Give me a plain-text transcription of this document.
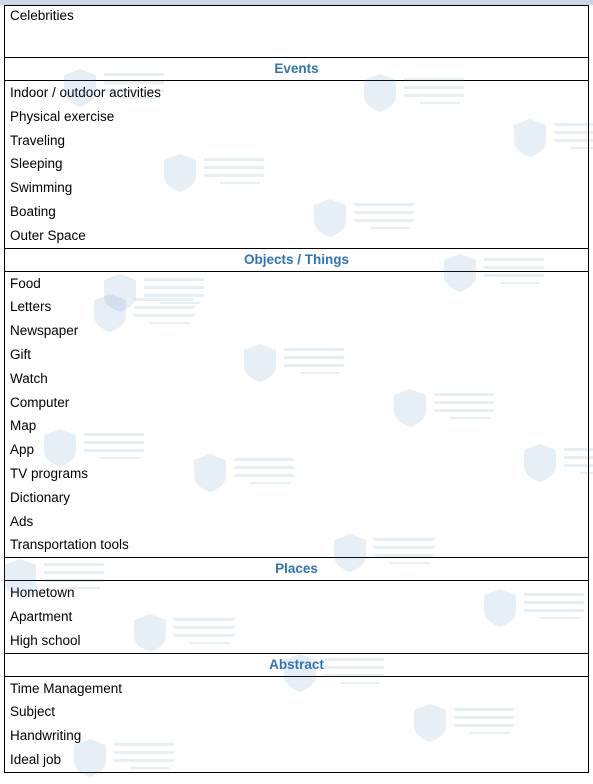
Celebrities
Events
Indoor / outdoor activities
Physical exercise
Traveling
Sleeping
Swimming
Boating
Outer Space
Objects / Things
Food
Letters
Newspaper
Gift
Watch
Computer
Map
App
TV programs
Dictionary
Ads
Transportation tools
Places
Hometown
Apartment
High school
Abstract
Time Management
Subject
Handwriting
Ideal job
